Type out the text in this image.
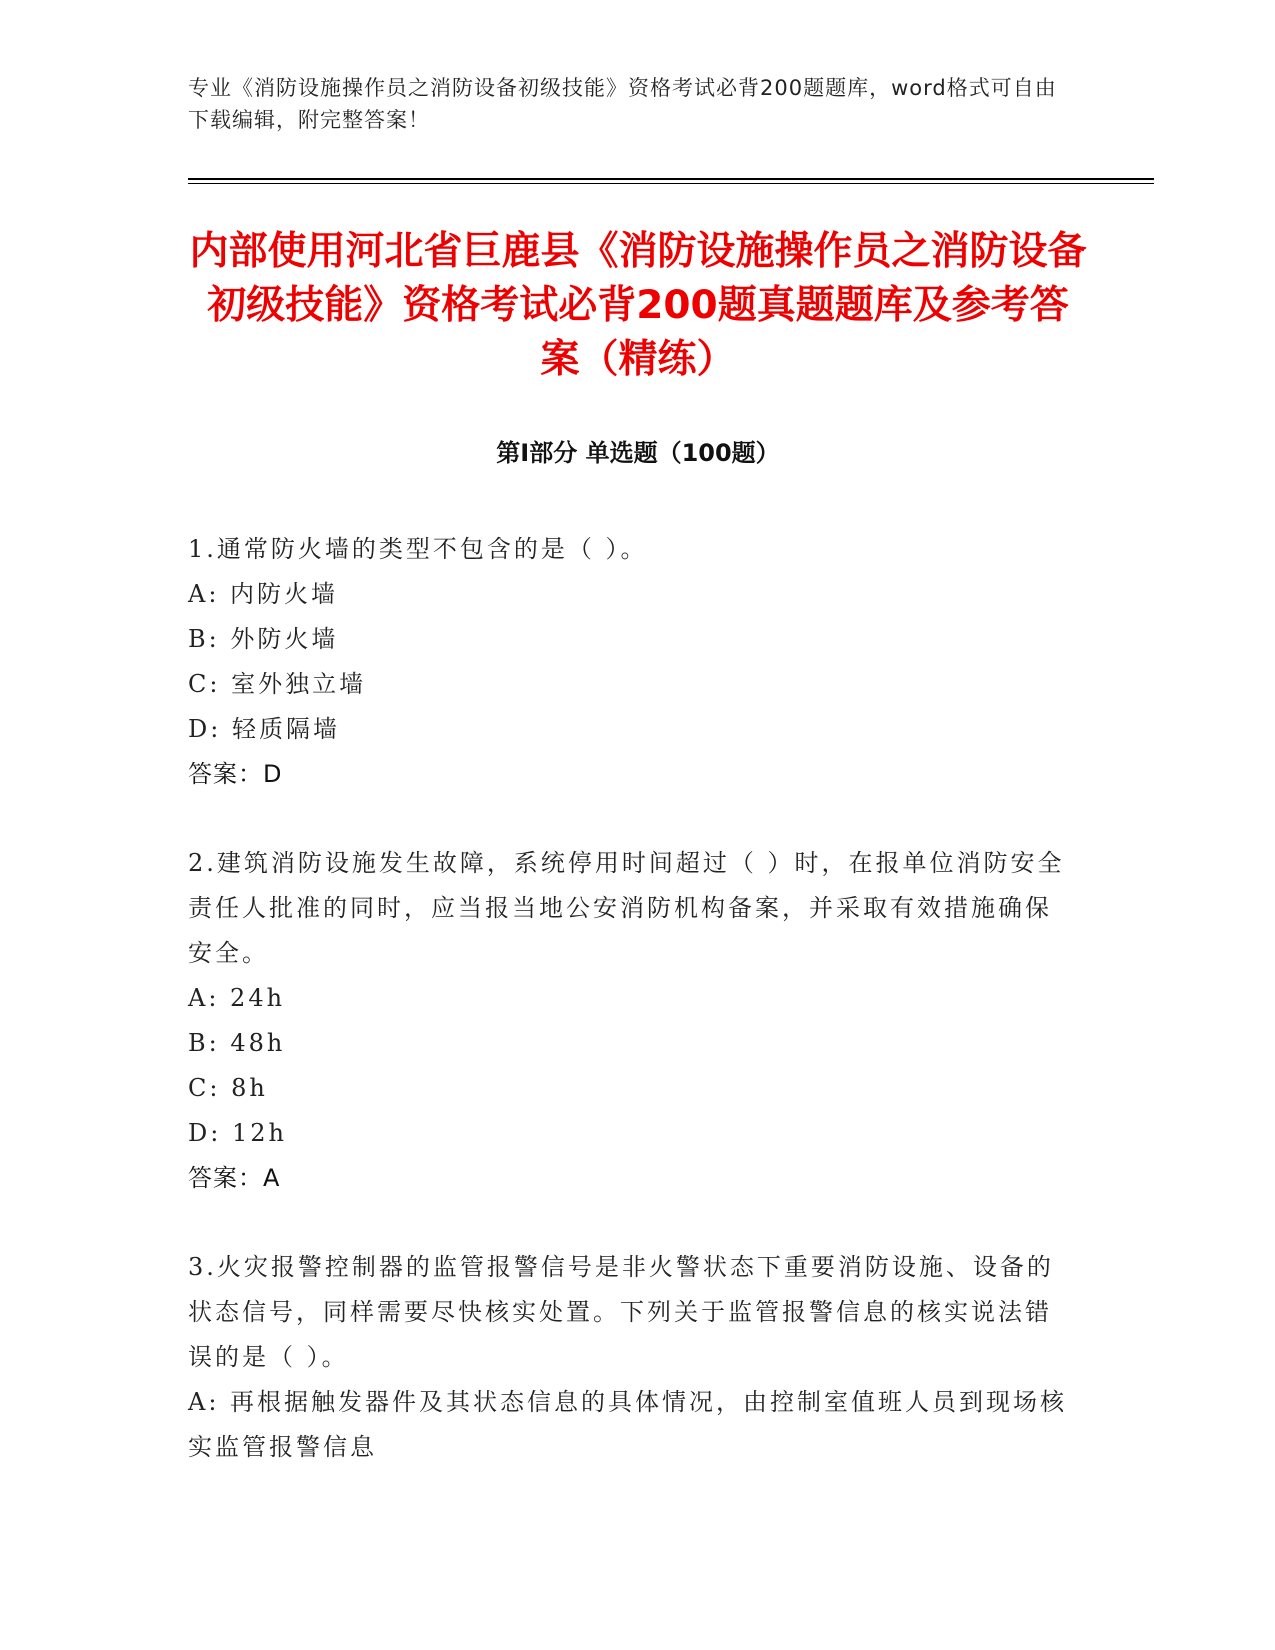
专业《消防设施操作员之消防设备初级技能》资格考试必背200题题库，word格式可自由下载编辑，附完整答案！
内部使用河北省巨鹿县《消防设施操作员之消防设备初级技能》资格考试必背200题真题题库及参考答案（精练）
第I部分 单选题（100题）
1.通常防火墙的类型不包含的是（ ）。
A: 内防火墙
B: 外防火墙
C: 室外独立墙
D: 轻质隔墙
答案：D
2.建筑消防设施发生故障，系统停用时间超过（ ）时，在报单位消防安全责任人批准的同时，应当报当地公安消防机构备案，并采取有效措施确保安全。
A: 24h
B: 48h
C: 8h
D: 12h
答案：A
3.火灾报警控制器的监管报警信号是非火警状态下重要消防设施、设备的状态信号，同样需要尽快核实处置。下列关于监管报警信息的核实说法错误的是（ ）。
A: 再根据触发器件及其状态信息的具体情况，由控制室值班人员到现场核实监管报警信息
